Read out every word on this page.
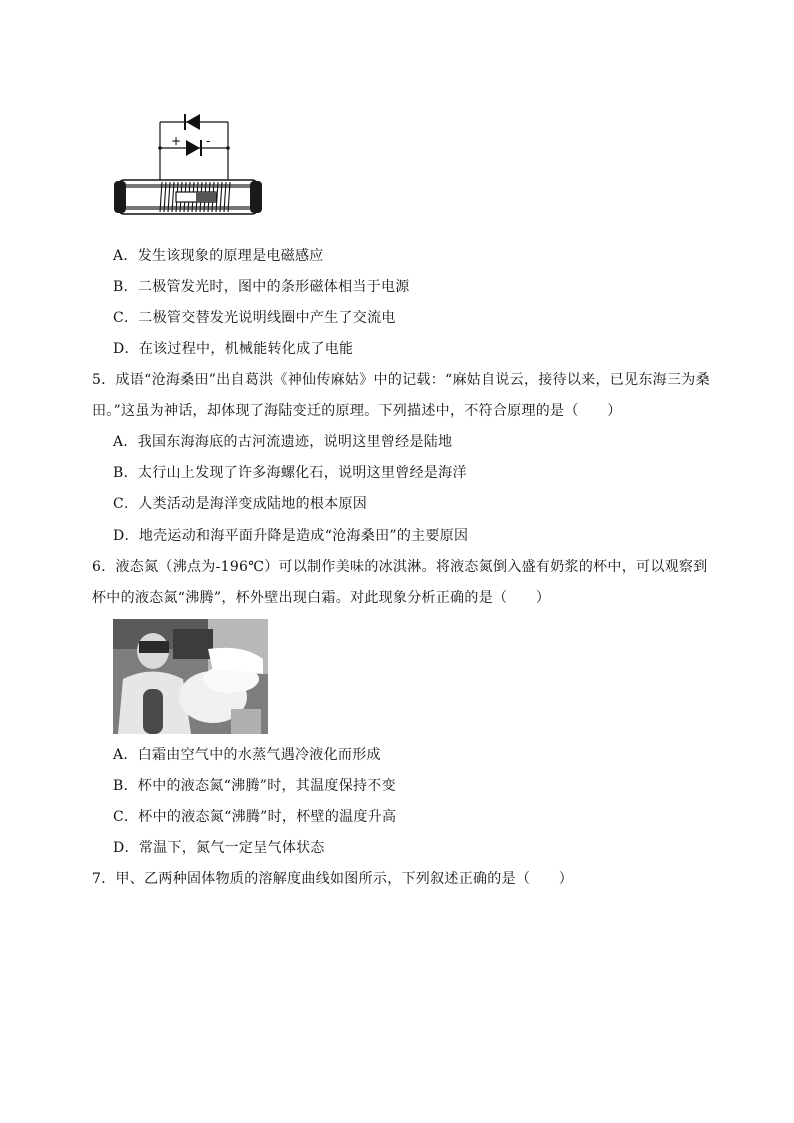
+ -
A．发生该现象的原理是电磁感应
B．二极管发光时，图中的条形磁体相当于电源
C．二极管交替发光说明线圈中产生了交流电
D．在该过程中，机械能转化成了电能
5．成语“沧海桑田”出自葛洪《神仙传麻姑》中的记载：“麻姑自说云，接待以来，已见东海三为桑
田。”这虽为神话，却体现了海陆变迁的原理。下列描述中，不符合原理的是（　　）
A．我国东海海底的古河流遗迹，说明这里曾经是陆地
B．太行山上发现了许多海螺化石，说明这里曾经是海洋
C．人类活动是海洋变成陆地的根本原因
D．地壳运动和海平面升降是造成“沧海桑田”的主要原因
6．液态氮（沸点为-196℃）可以制作美味的冰淇淋。将液态氮倒入盛有奶浆的杯中，可以观察到
杯中的液态氮“沸腾”，杯外壁出现白霜。对此现象分析正确的是（　　）
A．白霜由空气中的水蒸气遇冷液化而形成
B．杯中的液态氮“沸腾”时，其温度保持不变
C．杯中的液态氮“沸腾”时，杯壁的温度升高
D．常温下，氮气一定呈气体状态
7．甲、乙两种固体物质的溶解度曲线如图所示，下列叙述正确的是（　　）
